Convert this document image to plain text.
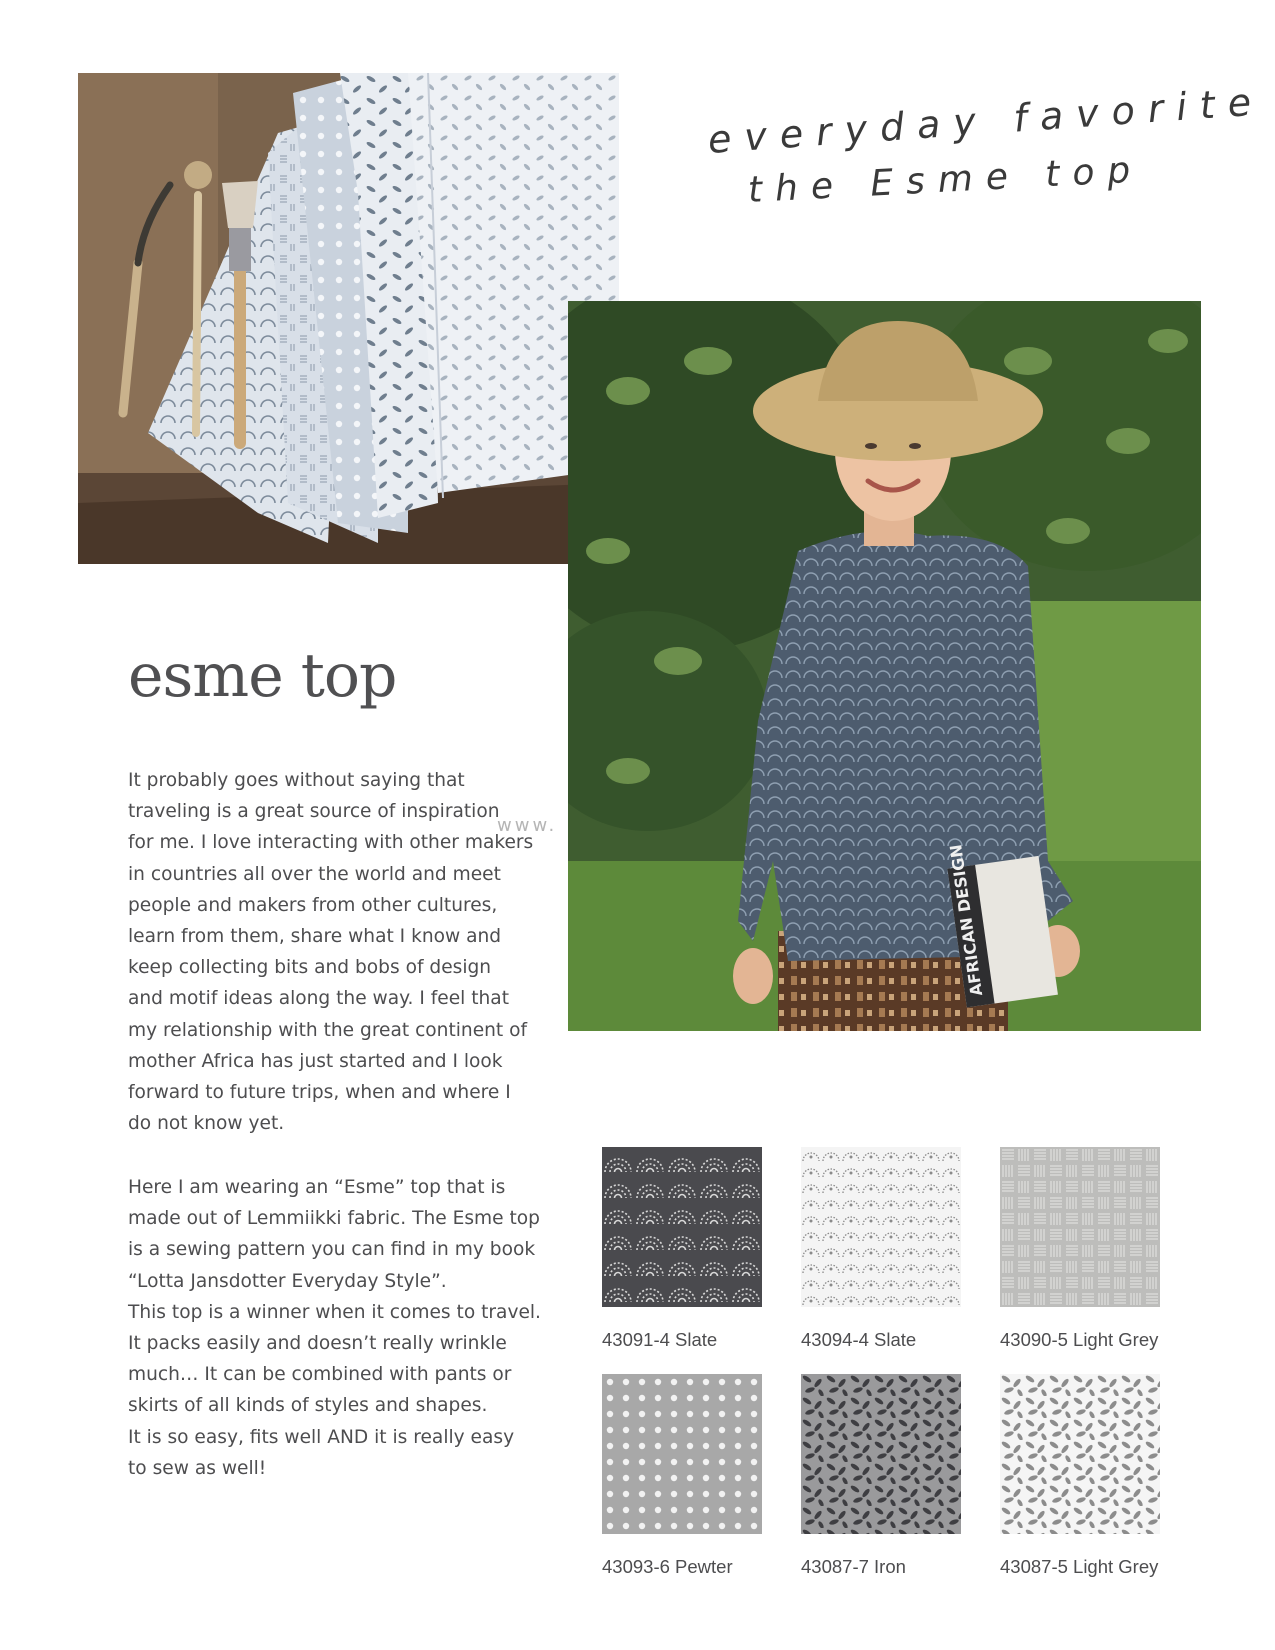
everyday favorite
the Esme top
AFRICAN DESIGN
www.
esme top
It probably goes without saying that
traveling is a great source of inspiration
for me. I love interacting with other makers
in countries all over the world and meet
people and makers from other cultures,
learn from them, share what I know and
keep collecting bits and bobs of design
and motif ideas along the way. I feel that
my relationship with the great continent of
mother Africa has just started and I look
forward to future trips, when and where I
do not know yet.
Here I am wearing an “Esme” top that is
made out of Lemmiikki fabric. The Esme top
is a sewing pattern you can find in my book
“Lotta Jansdotter Everyday Style”.
This top is a winner when it comes to travel.
It packs easily and doesn’t really wrinkle
much… It can be combined with pants or
skirts of all kinds of styles and shapes.
It is so easy, fits well AND it is really easy
to sew as well!
43091-4 Slate	43094-4 Slate	43090-5 Light Grey
43093-6 Pewter	43087-7 Iron	43087-5 Light Grey
